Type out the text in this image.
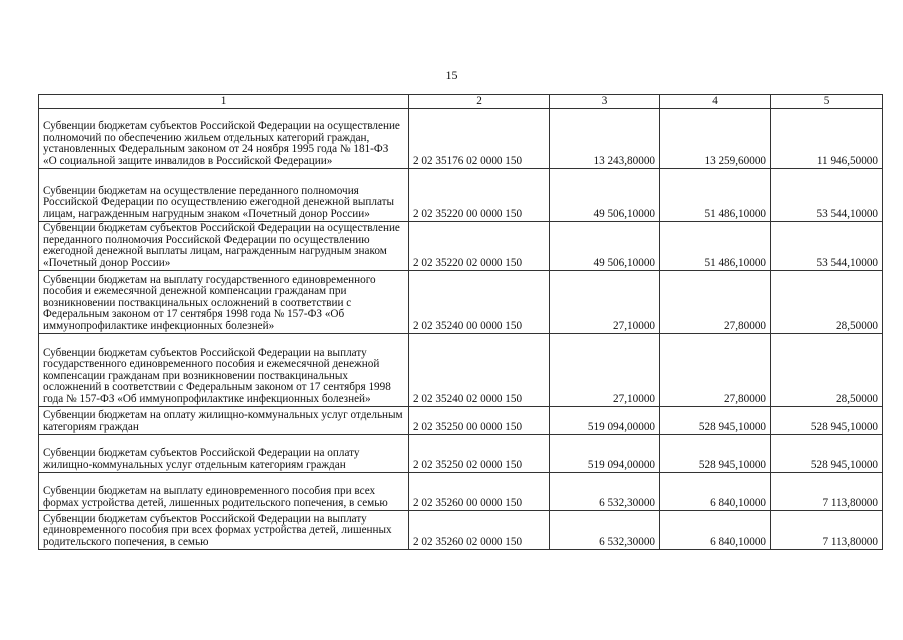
15
1	2	3	4	5
Субвенции бюджетам субъектов Российской Федерации на осуществление полномочий по обеспечению жильем отдельных категорий граждан, установленных Федеральным законом от 24 ноября 1995 года № 181-ФЗ «О социальной защите инвалидов в Российской Федерации»	2 02 35176 02 0000 150	13 243,80000	13 259,60000	11 946,50000
Субвенции бюджетам на осуществление переданного полномочия Российской Федерации по осуществлению ежегодной денежной выплаты лицам, награжденным нагрудным знаком «Почетный донор России»	2 02 35220 00 0000 150	49 506,10000	51 486,10000	53 544,10000
Субвенции бюджетам субъектов Российской Федерации на осуществление переданного полномочия Российской Федерации по осуществлению ежегодной денежной выплаты лицам, награжденным нагрудным знаком «Почетный донор России»	2 02 35220 02 0000 150	49 506,10000	51 486,10000	53 544,10000
Субвенции бюджетам на выплату государственного единовременного пособия и ежемесячной денежной компенсации гражданам при возникновении поствакцинальных осложнений в соответствии с Федеральным законом от 17 сентября 1998 года № 157-ФЗ «Об иммунопрофилактике инфекционных болезней»	2 02 35240 00 0000 150	27,10000	27,80000	28,50000
Субвенции бюджетам субъектов Российской Федерации на выплату государственного единовременного пособия и ежемесячной денежной компенсации гражданам при возникновении поствакцинальных осложнений в соответствии с Федеральным законом от 17 сентября 1998 года № 157-ФЗ «Об иммунопрофилактике инфекционных болезней»	2 02 35240 02 0000 150	27,10000	27,80000	28,50000
Субвенции бюджетам на оплату жилищно-коммунальных услуг отдельным категориям граждан	2 02 35250 00 0000 150	519 094,00000	528 945,10000	528 945,10000
Субвенции бюджетам субъектов Российской Федерации на оплату жилищно-коммунальных услуг отдельным категориям граждан	2 02 35250 02 0000 150	519 094,00000	528 945,10000	528 945,10000
Субвенции бюджетам на выплату единовременного пособия при всех формах устройства детей, лишенных родительского попечения, в семью	2 02 35260 00 0000 150	6 532,30000	6 840,10000	7 113,80000
Субвенции бюджетам субъектов Российской Федерации на выплату единовременного пособия при всех формах устройства детей, лишенных родительского попечения, в семью	2 02 35260 02 0000 150	6 532,30000	6 840,10000	7 113,80000
